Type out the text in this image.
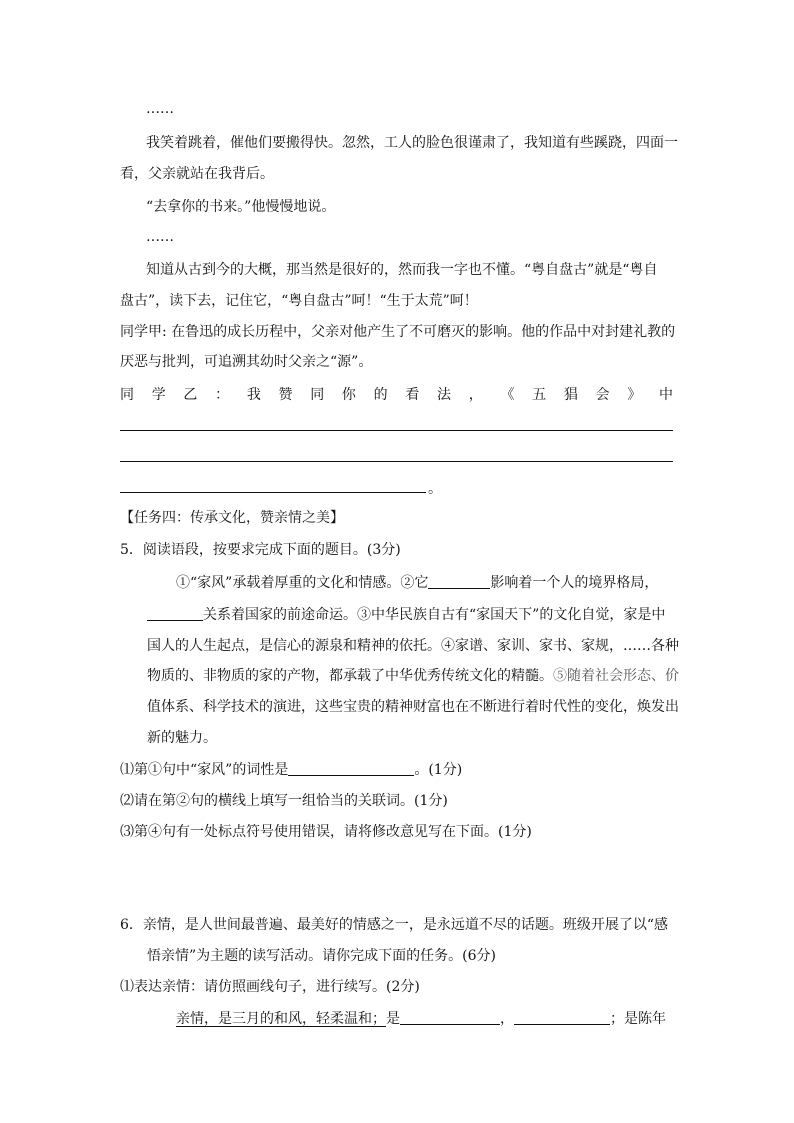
……
我笑着跳着，催他们要搬得快。忽然，工人的脸色很谨肃了，我知道有些蹊跷，四面一
看，父亲就站在我背后。
“去拿你的书来。”他慢慢地说。
……
知道从古到今的大概，那当然是很好的，然而我一字也不懂。“粤自盘古”就是“粤自
盘古”，读下去，记住它，“粤自盘古”呵！“生于太荒”呵！
同学甲: 在鲁迅的成长历程中，父亲对他产生了不可磨灭的影响。他的作品中对封建礼教的
厌恶与批判，可追溯其幼时父亲之“源”。
同 学 乙 ： 我 赞 同 你 的 看 法 ， 《 五 猖 会 》 中
。
【任务四：传承文化，赞亲情之美】
5．阅读语段，按要求完成下面的题目。(3分)
①“家风”承载着厚重的文化和情感。②它	影响着一个人的境界格局，
关系着国家的前途命运。③中华民族自古有“家国天下”的文化自觉，家是中
国人的人生起点，是信心的源泉和精神的依托。④家谱、家训、家书、家规，……各种
物质的、非物质的家的产物，都承载了中华优秀传统文化的精髓。⑤随着社会形态、价
值体系、科学技术的演进，这些宝贵的精神财富也在不断进行着时代性的变化，焕发出
新的魅力。
⑴第①句中“家风”的词性是	。(1分)
⑵请在第②句的横线上填写一组恰当的关联词。(1分)
⑶第④句有一处标点符号使用错误，请将修改意见写在下面。(1分)
6．亲情，是人世间最普遍、最美好的情感之一，是永远道不尽的话题。班级开展了以“感
悟亲情”为主题的读写活动。请你完成下面的任务。(6分)
⑴表达亲情：请仿照画线句子，进行续写。(2分)
亲情，是三月的和风，轻柔温和；是	，	；是陈年
